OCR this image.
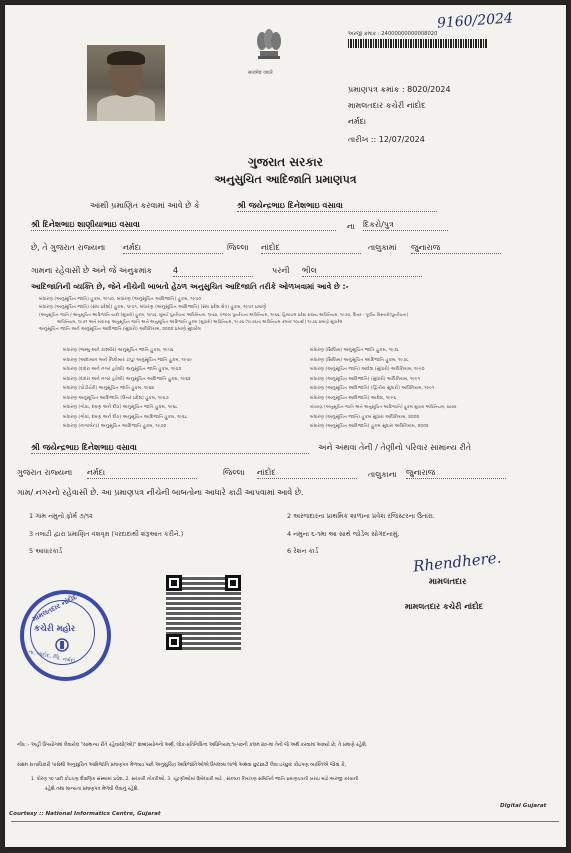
सत्यमेव जयते
9160/2024
અરજી ક્રમાંક : 24000000000008020
પ્રમાણપત્ર ક્રમાંક : 8020/2024
મામલતદાર કચેરી નાંદોદ
નર્મદા
તારીખ :: 12/07/2024
ગુજરાત સરકાર
અનુસુચિત આદિજાતિ પ્રમાણપત્ર
આથી પ્રમાણિત કરવામાં આવે છે કે	શ્રી જયેન્દ્રભાઇ દિનેશભાઇ વસાવા
શ્રી દિનેશભાઇ શાણીયાભાઇ વસાવા	ના દિકરો/પુત્ર
છે, તે ગુજરાત રાજ્યના નર્મદા	જિલ્લા નાંદોદ	તાલુકામાં જુનારાજ
ગામના રહેવાસી છે અને જે અનુક્રમાંક	4	પરની ભીલ
આદિજાતિની વ્યક્તિ છે, જેને નીચેની બાબતો હેઠળ અનુસુચિત આદિજાતિ તરીકે ઓળખવામાં આવે છે :-
બંધારણ (અનુસૂચિત જાતિ) હુકમ, ૧૯૫૦, બંધારણ (અનુસૂચિત આદિજાતિ) હુકમ, ૧૯૫૦
બંધારણ (અનુસૂચિત જાતિ) (સંઘ પ્રદેશો) હુકમ, ૧૯૫૧, બંધારણ (અનુસૂચિત આદિજાતિ) (સંઘ પ્રદેશ ક્ષેત્ર) હુકમ, ૧૯૫૧ પ્રમાણે
(અનુસૂચિત જાતિ / અનુસૂચિત આદિજાતિ યાદી (સુધારો) હુકમ, ૧૯૫૬, મુંબઈ પુનર્રચના અધિનિયમ, ૧૯૬૦, પંજાબ પુનર્રચના અધિનિયમ, ૧૯૬૬, હિમાચલ પ્રદેશ રાજ્ય અધિનિયમ, ૧૯૭૦, ઉત્તર - પૂર્વીય વિસ્તારો(પુનર્રચના)
અધિનિયમ, ૧૯૭૧ અને બંધારણ અનુસૂચિત જાતિ અને અનુસૂચિત આદિજાતિ હુકમ (સુધારો) અધિનિયમ, ૧૯૭૬ (૧૯૭૬ના અધિનિયમ ક્રમાંક ૧૦૮થી) ૧૯૭૬ પ્રમાણે સુધારેલ
અનુસૂચિત જાતિ અને અનુસૂચિત આદિજાતિ (સુધારો) અધિનિયમ, ૨૦૦૨ પ્રમાણે સુધારેલ
બંધારણ (જમ્મુ અને કાશ્મીર) અનુસૂચિત જાતિ હુકમ, ૧૯૫૬
બંધારણ (આંદામાન અને નિકોબાર ટાપુ) અનુસૂચિત જાતિ હુકમ, ૧૯૫૯
બંધારણ (દાદરા અને નગર હવેલી) અનુસૂચિત જાતિ હુકમ, ૧૯૬૨
બંધારણ (દાદરા અને નગર હવેલી) અનુસૂચિત આદિજાતિ હુકમ, ૧૯૬૨
બંધારણ (પોંડીચેરી) અનુસૂચિત જાતિ હુકમ, ૧૯૬૪
બંધારણ અનુસૂચિત આદિજાતિ (ઉત્તર પ્રદેશ) હુકમ, ૧૯૬૭
બંધારણ (ગોવા, દમણ અને દીવ) અનુસૂચિત જાતિ હુકમ, ૧૯૬૮
બંધારણ (ગોવા, દમણ અને દીવ) અનુસૂચિત આદિજાતિ હુકમ, ૧૯૬૮
બંધારણ (નાગાલેન્ડ) અનુસૂચિત આદિજાતિ હુકમ, ૧૯૭૦
બંધારણ (સિક્કિમ) અનુસૂચિત જાતિ હુકમ, ૧૯૭૮
બંધારણ (સિક્કિમ) અનુસૂચિત આદિજાતિ હુકમ, ૧૯૭૮
બંધારણ (અનુસૂચિત જાતિ) આદેશ (સુધારો) અધિનિયમ, ૧૯૯૦
બંધારણ (અનુસૂચિત આદિજાતિ) (સુધારો) અધિનિયમ, ૧૯૯૧
બંધારણ (અનુસૂચિત આદિજાતિ) (દ્વિતીય સુધારો) અધિનિયમ, ૧૯૯૧
બંધારણ (અનુસૂચિત આદિજાતિ) આદેશ, ૧૯૯૬
બંધારણ (અનુસૂચિત જાતિ અને અનુસૂચિત આદિજાતિ) હુકમ સુધારા અધિનિયમ, ૨૦૦૨
બંધારણ (અનુસૂચિત જાતિ) હુકમ સુધારા અધિનિયમ, ૨૦૦૨
બંધારણ (અનુસૂચિત આદિજાતિ) હુકમ સુધારા અધિનિયમ, ૨૦૦૨
શ્રી જયેન્દ્રભાઇ દિનેશભાઇ વસાવા	અને અથવા તેની / તેણીનો પરિવાર સામાન્ય રીતે
ગુજરાત રાજ્યના નર્મદા	જિલ્લા નાંદોદ	તાલુકાના જુનારાજ
ગામ/ નગરનો રહેવાસી છે. આ પ્રમાણપત્ર નીચેની બાબતોના આધારે કાઢી આપવામાં આવે છે.
1 ગામ નમુનો ફોર્મ ૭/૧૨	2 અરજદારના પ્રાથમિક શાળાના પ્રવેશ રજિસ્ટરના ઉતારા.
3 તલાટી દ્વારા પ્રમાણિત વંશવૃક્ષ (પરદાદાથી શરૂઆત કરીને.)	4 નમુના ૬-૧મા આ સાથે જોડેલ સોગંદનામું.
5 આધારકાર્ડ	6 રેશન કાર્ડ
મામલતદાર નાંદોદ
કચેરી મહોર
તા. નાંદોદ, જિ. નર્મદા
Rhendhere.
મામલતદાર
મામલતદાર કચેરી નાંદોદ
નોંધ :- અહીં ઉપયોગમાં લેવાયેલ "સામાન્ય રીતે રહેવાસી(ઓ)" શબ્દપ્રયોગનો અર્થ, લોક-પ્રતિનિધિત્વ અધિનિયમ,૧૯૫૦ની કલમ ૨૦-માં તેનો જે અર્થ કરવામાં આવ્યો છે, તે પ્રમાણે રહેશે.
સક્ષમ સત્તાધિકારી પાસેથી અનુસુચિત આદિજાતિ પ્રમાણપત્ર મેળવ્યા પછી અનુસુચિત આદિજાતિઓએ ઉપલબ્ધ લાભો અથવા છુટછાટો લેવા ઇચ્છુક કોઇપણ વ્યક્તિએ જોવા કે,
1. ધોરણ ૧૦ પછી કોઇપણ શૈક્ષણિક સંસ્થામાં પ્રવેશ, 2. સરકારી નોકરીઓ, 3. ચૂંટણીઓમાં ઉમેદવારી માટે.. સંકલન નિયંત્રણ સમિતિને જાતિ પ્રમાણપત્રની ખરાઇ માટે અરજી કરવાની
રહેશે તથા માન્યતા પ્રમાણપત્ર મેળવી લેવાનું રહેશે.
Courtesy :: National Informatics Centre, Gujarat
Digital Gujarat
